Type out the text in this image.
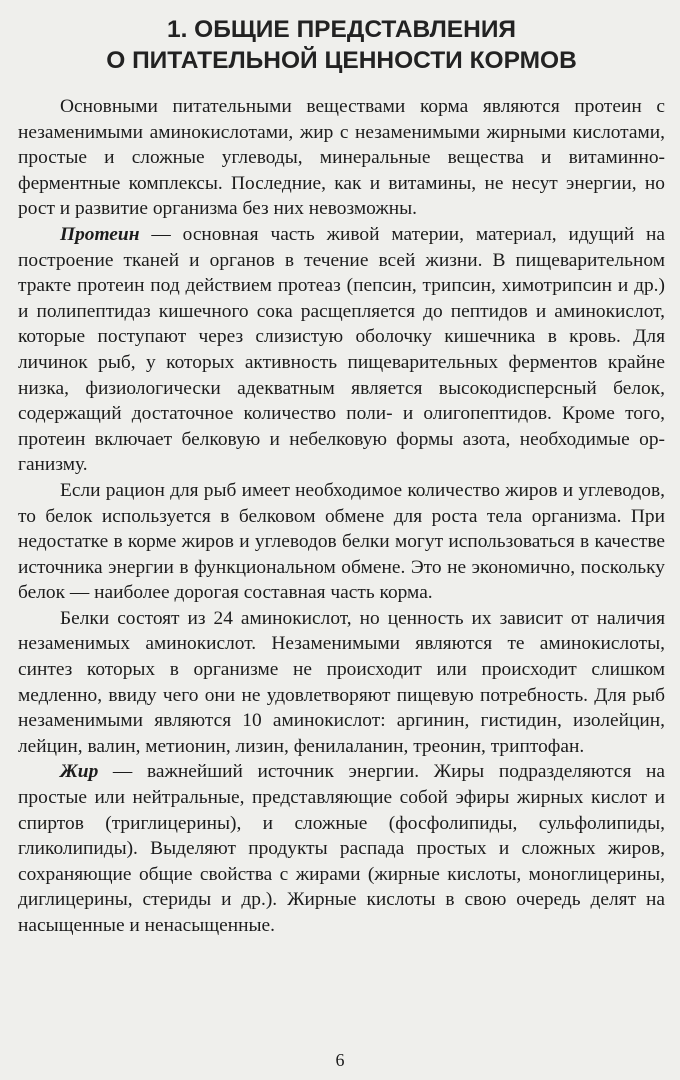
1. ОБЩИЕ ПРЕДСТАВЛЕНИЯ
О ПИТАТЕЛЬНОЙ ЦЕННОСТИ КОРМОВ

Основными питательными веществами корма являются протеин с незаменимыми аминокислотами, жир с незаменимыми жирными кислотами, простые и сложные углеводы, минеральные вещества и витаминно-ферментные комплексы. Последние, как и витамины, не несут энергии, но рост и развитие организма без них невозможны.

Протеин — основная часть живой материи, материал, идущий на построение тканей и органов в течение всей жизни. В пищеварительном тракте протеин под действием протеаз (пепсин, трипсин, химотрипсин и др.) и полипептидаз кишечного сока расщепляется до пептидов и аминокислот, которые поступают через слизистую оболочку кишечника в кровь. Для личинок рыб, у которых активность пищеварительных ферментов крайне низка, физиологически адекватным является высокодисперсный белок, содержащий достаточное количество поли- и олигопептидов. Кроме того, протеин включает белковую и небелковую формы азота, необходимые организму.

Если рацион для рыб имеет необходимое количество жиров и углеводов, то белок используется в белковом обмене для роста тела организма. При недостатке в корме жиров и углеводов белки могут использоваться в качестве источника энергии в функциональном обмене. Это не экономично, поскольку белок — наиболее дорогая составная часть корма.

Белки состоят из 24 аминокислот, но ценность их зависит от наличия незаменимых аминокислот. Незаменимыми являются те аминокислоты, синтез которых в организме не происходит или происходит слишком медленно, ввиду чего они не удовлетворяют пищевую потребность. Для рыб незаменимыми являются 10 аминокислот: аргинин, гистидин, изолейцин, лейцин, валин, метионин, лизин, фенилаланин, треонин, триптофан.

Жир — важнейший источник энергии. Жиры подразделяются на простые или нейтральные, представляющие собой эфиры жирных кислот и спиртов (триглицерины), и сложные (фосфолипиды, сульфолипиды, гликолипиды). Выделяют продукты распада простых и сложных жиров, сохраняющие общие свойства с жирами (жирные кислоты, моноглицерины, диглицерины, стериды и др.). Жирные кислоты в свою очередь делят на насыщенные и ненасыщенные.

6
